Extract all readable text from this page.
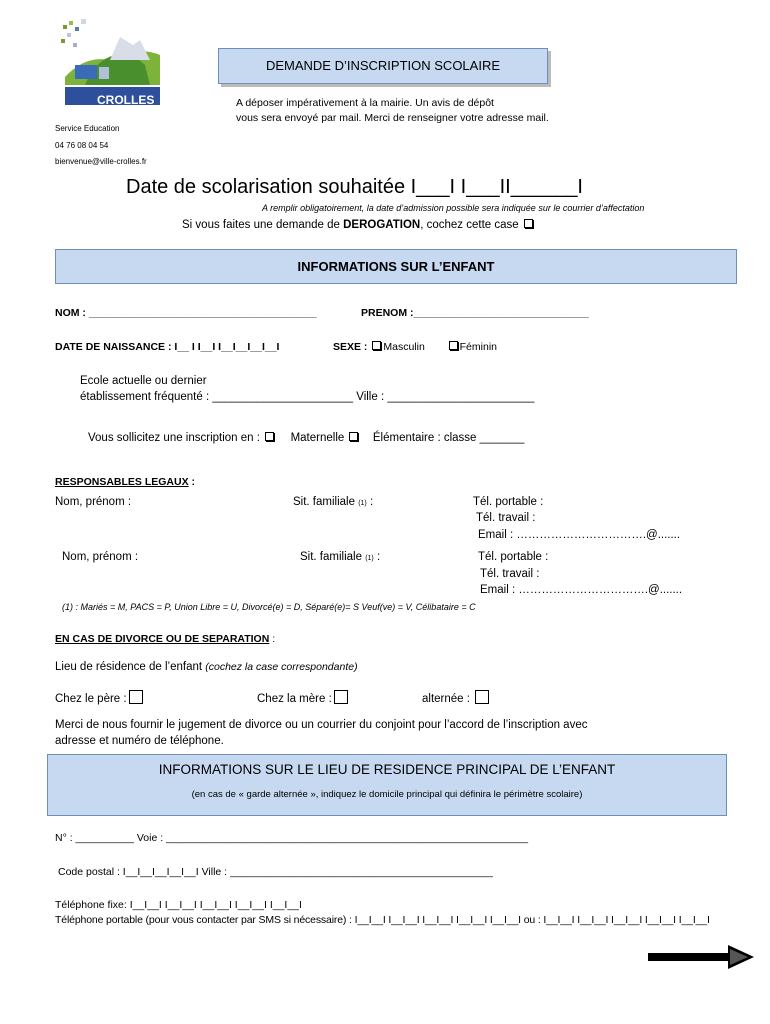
CROLLES
Service Education
04 76 08 04 54
bienvenue@ville-crolles.fr
DEMANDE D’INSCRIPTION SCOLAIRE
A déposer impérativement à la mairie. Un avis de dépôt
vous sera envoyé par mail. Merci de renseigner votre adresse mail.
Date de scolarisation souhaitée I___I I___II______I
A remplir obligatoirement, la date d’admission possible sera indiquée sur le courrier d’affectation
Si vous faites une demande de DEROGATION, cochez cette case
INFORMATIONS SUR L’ENFANT
NOM : _______________________________________	PRENOM :______________________________
DATE DE NAISSANCE : I__ I I__I I__I__I__I__I	SEXE : Masculin	Féminin
Ecole actuelle ou dernier
établissement fréquenté : ______________________ Ville : _______________________
Vous sollicitez une inscription en :	Maternelle Élémentaire : classe _______
RESPONSABLES LEGAUX :
Nom, prénom :	Sit. familiale (1) :	Tél. portable :
Tél. travail :
Email : …………………………….@.......
Nom, prénom :	Sit. familiale (1) :	Tél. portable :
Tél. travail :
Email : …………………………….@.......
(1) : Mariés = M, PACS = P, Union Libre = U, Divorcé(e) = D, Séparé(e)= S Veuf(ve) = V, Célibataire = C
EN CAS DE DIVORCE OU DE SEPARATION :
Lieu de résidence de l’enfant (cochez la case correspondante)
Chez le père :	Chez la mère :	alternée :
Merci de nous fournir le jugement de divorce ou un courrier du conjoint pour l’accord de l’inscription avec
adresse et numéro de téléphone.
INFORMATIONS SUR LE LIEU DE RESIDENCE PRINCIPAL DE L’ENFANT
(en cas de « garde alternée », indiquez le domicile principal qui définira le périmètre scolaire)
N° : __________ Voie : ______________________________________________________________
Code postal : I__I__I__I__I__I Ville : _____________________________________________
Téléphone fixe: I__I__I I__I__I I__I__I I__I__I I__I__I
Téléphone portable (pour vous contacter par SMS si nécessaire) : I__I__I I__I__I I__I__I I__I__I I__I__I ou : I__I__I I__I__I I__I__I I__I__I I__I__I
